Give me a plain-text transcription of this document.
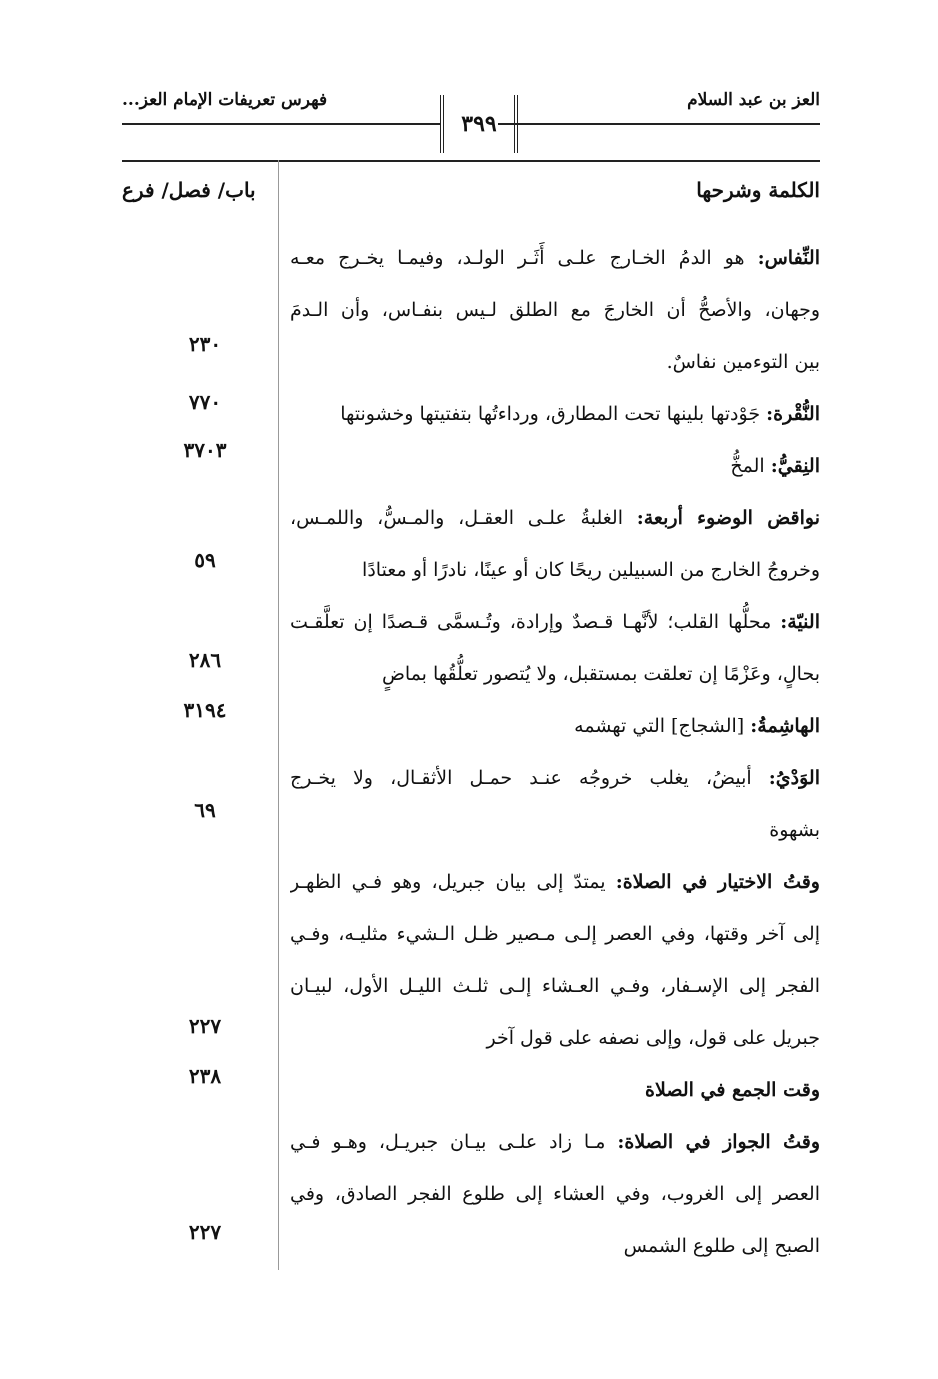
العز بن عبد السلام
فهرس تعريفات الإمام العز...
٣٩٩
الكلمة وشرحها
باب/ فصل/ فرع
النِّفاس: هو الدمُ الخـارج علـى أَثَـر الولـد، وفيمـا يخـرج معـه
وجهان، والأصحُّ أن الخارجَ مع الطلق لـيس بنفـاس، وأن الـدمَ
بين التوءمين نفاسٌ.
٢٣٠
النُّقْرة: جَوْدتها بلينها تحت المطارق، ورداءتُها بتفتيتها وخشونتها
٧٧٠
النِقيُّ: المخُّ
٣٧٠٣
نواقض الوضوء أربعة: الغلبةُ علـى العقـل، والمـسُّ، واللمـس،
وخروجُ الخارج من السبيلين ريحًا كان أو عينًا، نادرًا أو معتادًا
٥٩
النيّة: محلُّها القلب؛ لأنَّهـا قـصدٌ وإرادة، وتُـسمَّى قـصدًا إن تعلَّقـت
بحالٍ، وعَزْمًا إن تعلقت بمستقبل، ولا يُتصور تعلُّقُها بماضٍ
٢٨٦
الهاشِمةُ: [الشجاج] التي تهشمه
٣١٩٤
الوَدْيُ: أبيضُ، يغلب خروجُه عنـد حمـل الأثقـال، ولا يخـرج
بشهوة
٦٩
وقتُ الاختيار في الصلاة: يمتدّ إلى بيان جبريل، وهو فـي الظهـر
إلى آخر وقتها، وفي العصر إلـى مـصير ظـل الـشيء مثليـه، وفـي
الفجر إلى الإسـفار، وفـي العـشاء إلـى ثلـث الليـل الأول، لبيـان
جبريل على قول، وإلى نصفه على قول آخر
٢٢٧
وقت الجمع في الصلاة
٢٣٨
وقتُ الجواز في الصلاة: مـا زاد علـى بيـان جبريـل، وهـو فـي
العصر إلى الغروب، وفي العشاء إلى طلوع الفجر الصادق، وفي
الصبح إلى طلوع الشمس
٢٢٧
